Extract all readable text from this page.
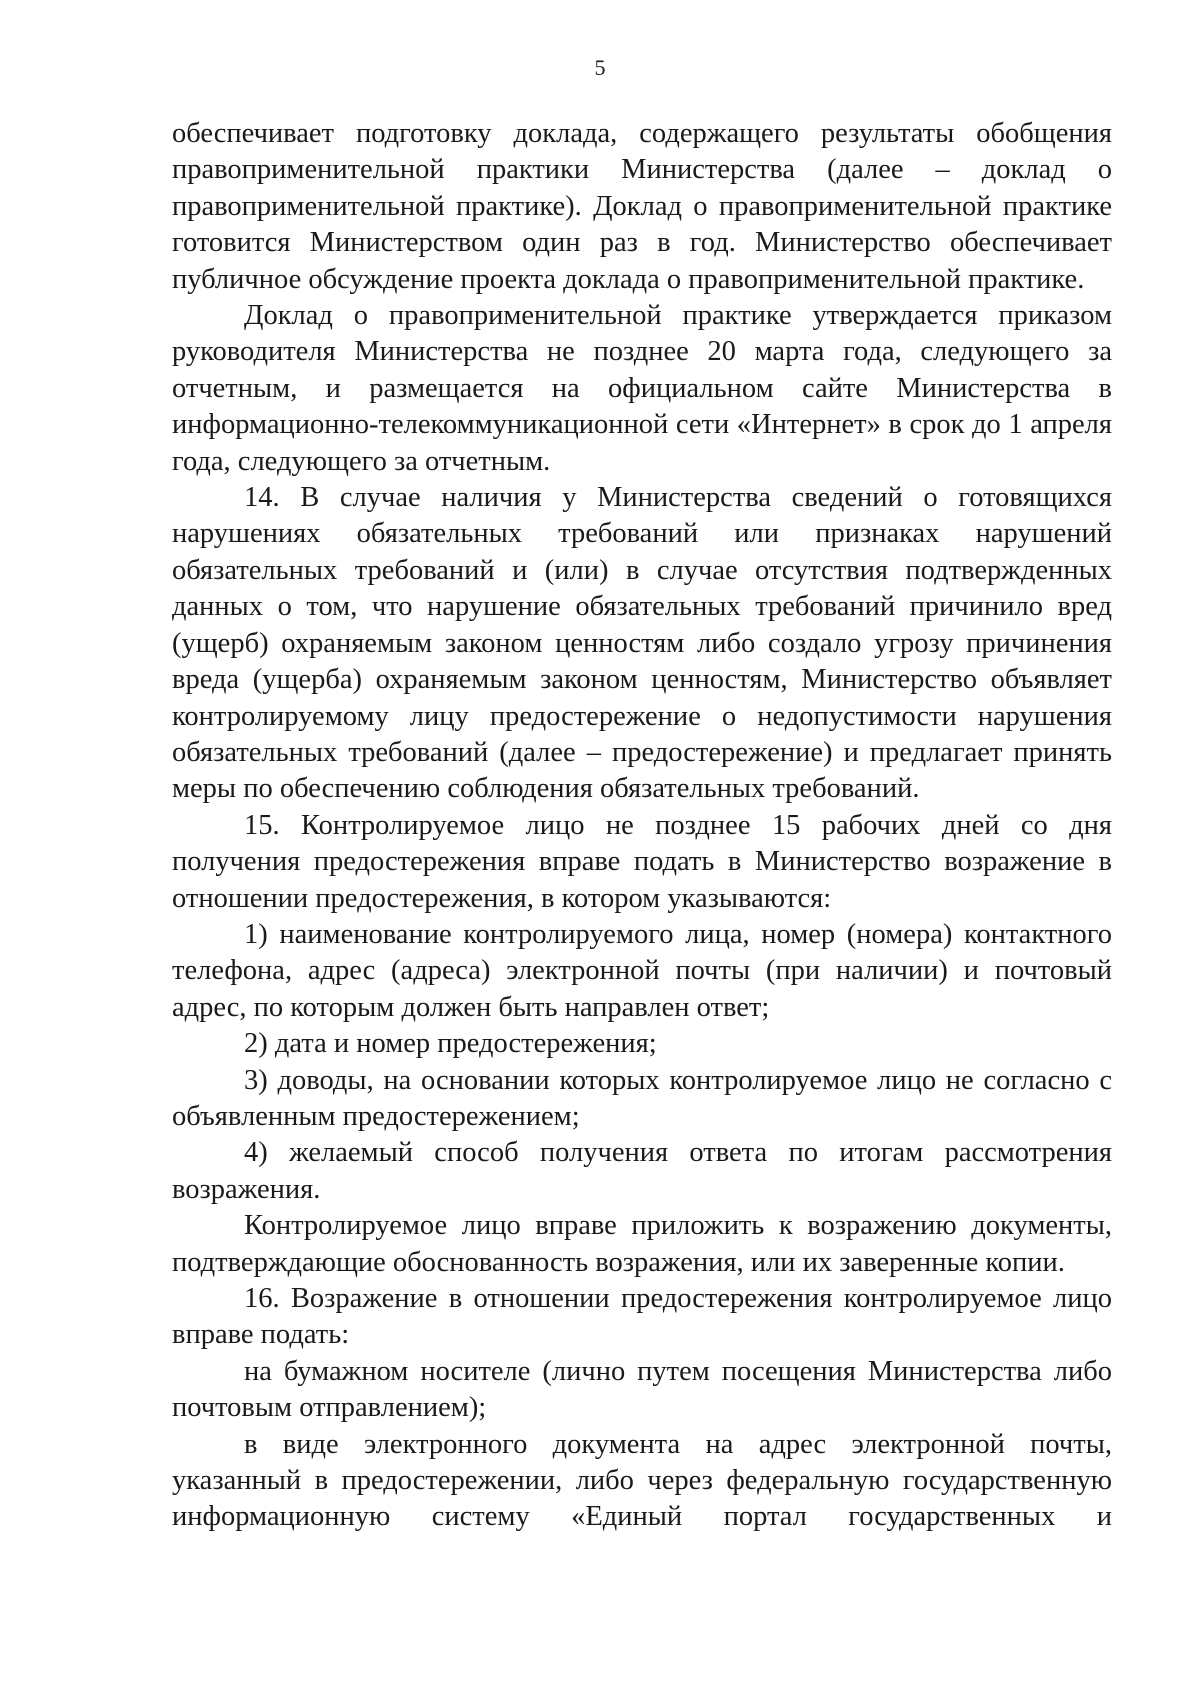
5

обеспечивает подготовку доклада, содержащего результаты обобщения правоприменительной практики Министерства (далее – доклад о правоприменительной практике). Доклад о правоприменительной практике готовится Министерством один раз в год. Министерство обеспечивает публичное обсуждение проекта доклада о правоприменительной практике.

Доклад о правоприменительной практике утверждается приказом руководителя Министерства не позднее 20 марта года, следующего за отчетным, и размещается на официальном сайте Министерства в информационно-телекоммуникационной сети «Интернет» в срок до 1 апреля года, следующего за отчетным.

14. В случае наличия у Министерства сведений о готовящихся нарушениях обязательных требований или признаках нарушений обязательных требований и (или) в случае отсутствия подтвержденных данных о том, что нарушение обязательных требований причинило вред (ущерб) охраняемым законом ценностям либо создало угрозу причинения вреда (ущерба) охраняемым законом ценностям, Министерство объявляет контролируемому лицу предостережение о недопустимости нарушения обязательных требований (далее – предостережение) и предлагает принять меры по обеспечению соблюдения обязательных требований.

15. Контролируемое лицо не позднее 15 рабочих дней со дня получения предостережения вправе подать в Министерство возражение в отношении предостережения, в котором указываются:

1) наименование контролируемого лица, номер (номера) контактного телефона, адрес (адреса) электронной почты (при наличии) и почтовый адрес, по которым должен быть направлен ответ;

2) дата и номер предостережения;

3) доводы, на основании которых контролируемое лицо не согласно с объявленным предостережением;

4) желаемый способ получения ответа по итогам рассмотрения возражения.

Контролируемое лицо вправе приложить к возражению документы, подтверждающие обоснованность возражения, или их заверенные копии.

16. Возражение в отношении предостережения контролируемое лицо вправе подать:

на бумажном носителе (лично путем посещения Министерства либо почтовым отправлением);

в виде электронного документа на адрес электронной почты, указанный в предостережении, либо через федеральную государственную информационную систему «Единый портал государственных и
